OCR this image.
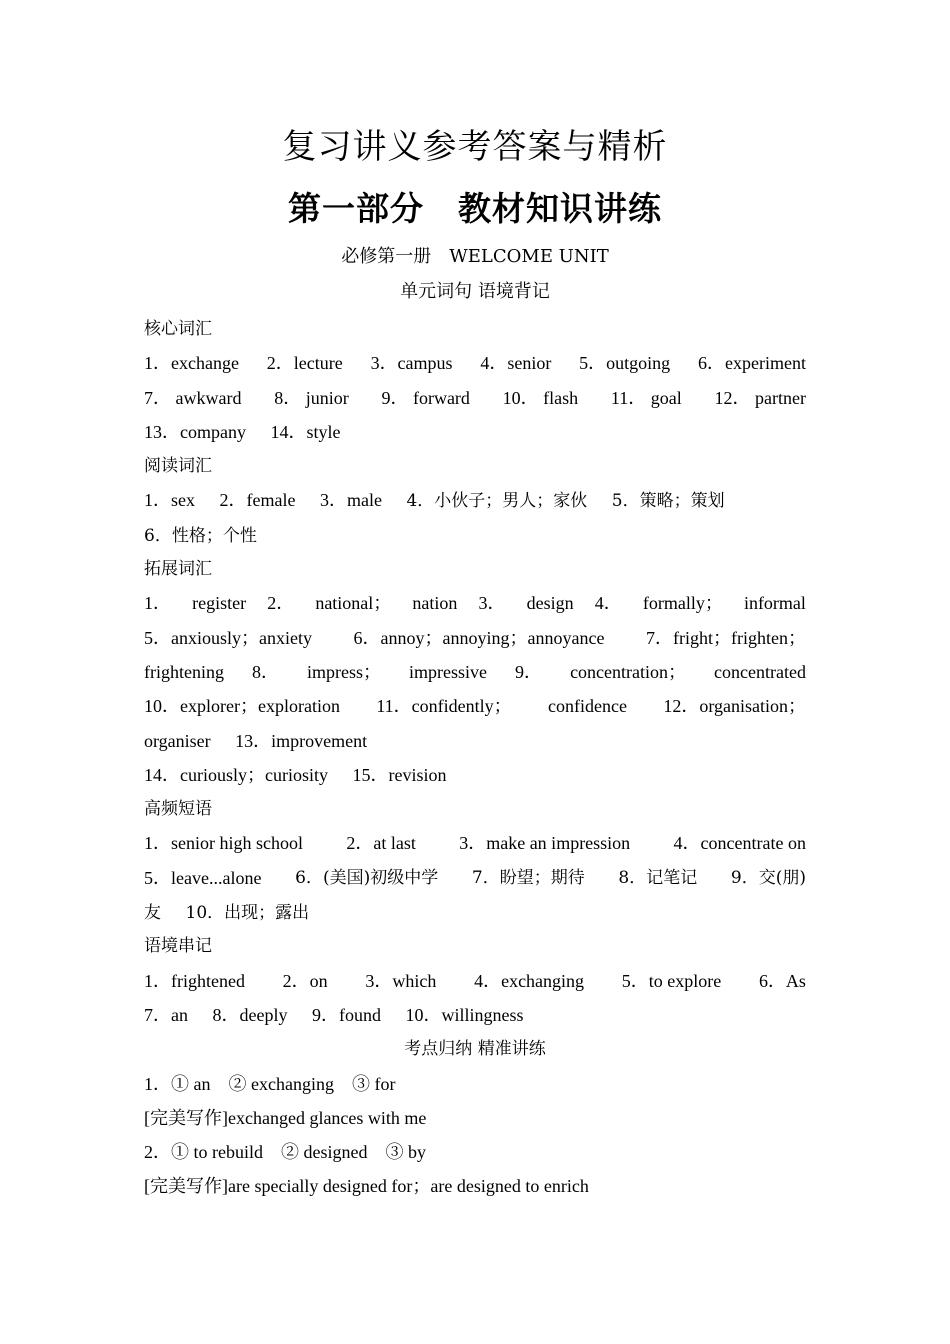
复习讲义参考答案与精析
第一部分 教材知识讲练
必修第一册　WELCOME UNIT
单元词句 语境背记
核心词汇
1．exchange 2．lecture 3．campus 4．senior 5．outgoing 6．experiment
7． awkward 8． junior 9． forward 10． flash 11． goal 12． partner
13．company 14．style
阅读词汇
1．sex 2．female 3．male 4．小伙子；男人；家伙 5．策略；策划
6．性格；个性
拓展词汇
1． register 2． national； nation 3． design 4． formally； informal
5．anxiously；anxiety 6．annoy；annoying；annoyance 7．fright；frighten；
frightening 8． impress； impressive 9． concentration； concentrated
10．explorer；exploration 11．confidently； confidence 12．organisation；
organiser 13．improvement
14．curiously；curiosity 15．revision
高频短语
1．senior high school 2．at last 3．make an impression 4．concentrate on
5．leave...alone 6．(美国)初级中学 7．盼望；期待 8．记笔记 9．交(朋)
友 10．出现；露出
语境串记
1．frightened 2．on 3．which 4．exchanging 5．to explore 6．As
7．an 8．deeply 9．found 10．willingness
考点归纳 精准讲练
1．① an　② exchanging　③ for
[完美写作]exchanged glances with me
2．① to rebuild　② designed　③ by
[完美写作]are specially designed for；are designed to enrich
